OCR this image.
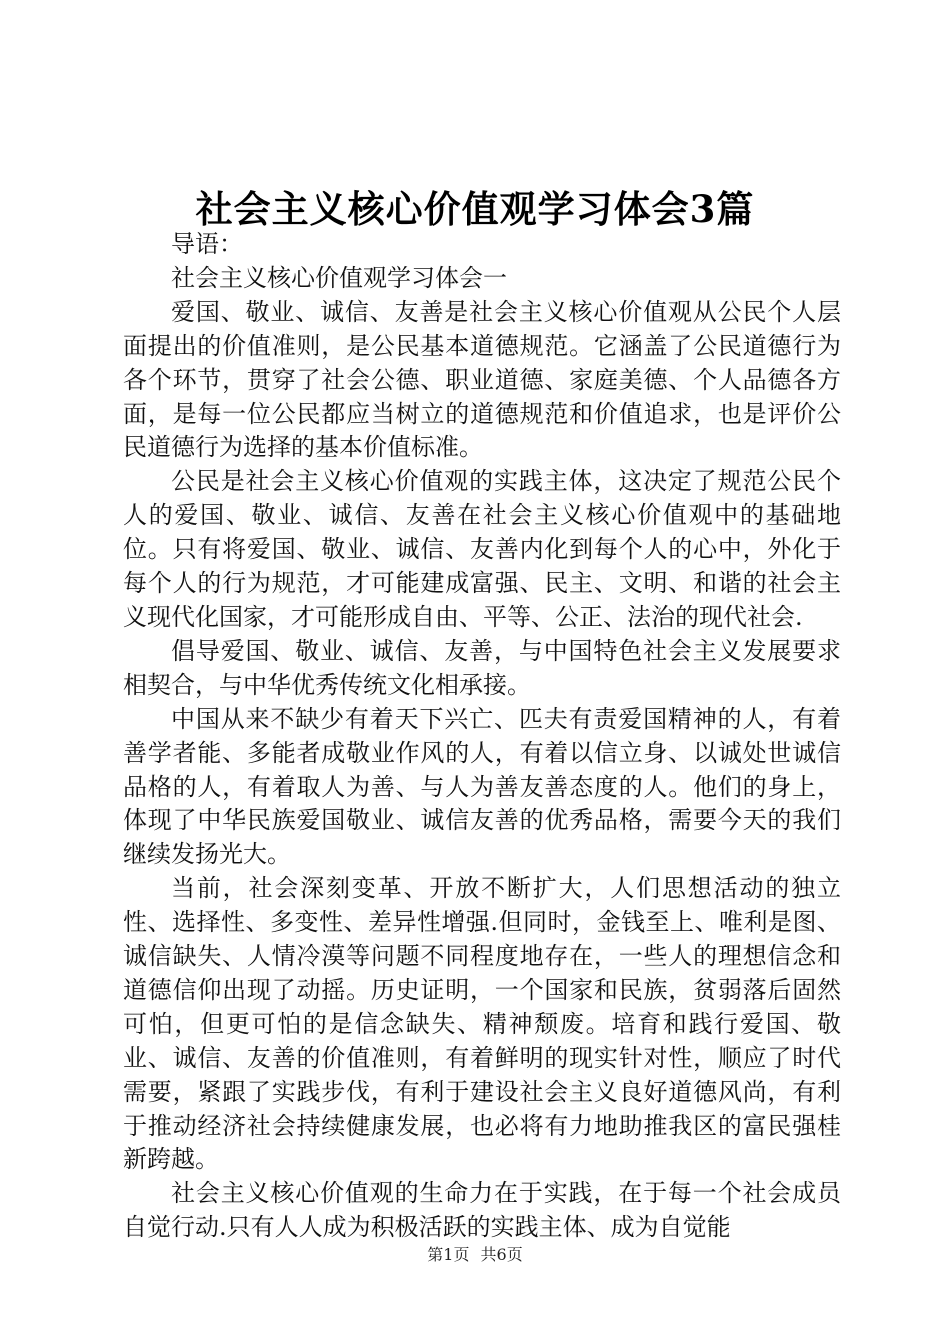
社会主义核心价值观学习体会3篇

导语：

社会主义核心价值观学习体会一

爱国、敬业、诚信、友善是社会主义核心价值观从公民个人层面提出的价值准则，是公民基本道德规范。它涵盖了公民道德行为各个环节，贯穿了社会公德、职业道德、家庭美德、个人品德各方面，是每一位公民都应当树立的道德规范和价值追求，也是评价公民道德行为选择的基本价值标准。

公民是社会主义核心价值观的实践主体，这决定了规范公民个人的爱国、敬业、诚信、友善在社会主义核心价值观中的基础地位。只有将爱国、敬业、诚信、友善内化到每个人的心中，外化于每个人的行为规范，才可能建成富强、民主、文明、和谐的社会主义现代化国家，才可能形成自由、平等、公正、法治的现代社会.

倡导爱国、敬业、诚信、友善，与中国特色社会主义发展要求相契合，与中华优秀传统文化相承接。

中国从来不缺少有着天下兴亡、匹夫有责爱国精神的人，有着善学者能、多能者成敬业作风的人，有着以信立身、以诚处世诚信品格的人，有着取人为善、与人为善友善态度的人。他们的身上，体现了中华民族爱国敬业、诚信友善的优秀品格，需要今天的我们继续发扬光大。

当前，社会深刻变革、开放不断扩大，人们思想活动的独立性、选择性、多变性、差异性增强.但同时，金钱至上、唯利是图、诚信缺失、人情冷漠等问题不同程度地存在，一些人的理想信念和道德信仰出现了动摇。历史证明，一个国家和民族，贫弱落后固然可怕，但更可怕的是信念缺失、精神颓废。培育和践行爱国、敬业、诚信、友善的价值准则，有着鲜明的现实针对性，顺应了时代需要，紧跟了实践步伐，有利于建设社会主义良好道德风尚，有利于推动经济社会持续健康发展，也必将有力地助推我区的富民强桂新跨越。

社会主义核心价值观的生命力在于实践，在于每一个社会成员自觉行动.只有人人成为积极活跃的实践主体、成为自觉能

第1页 共6页
